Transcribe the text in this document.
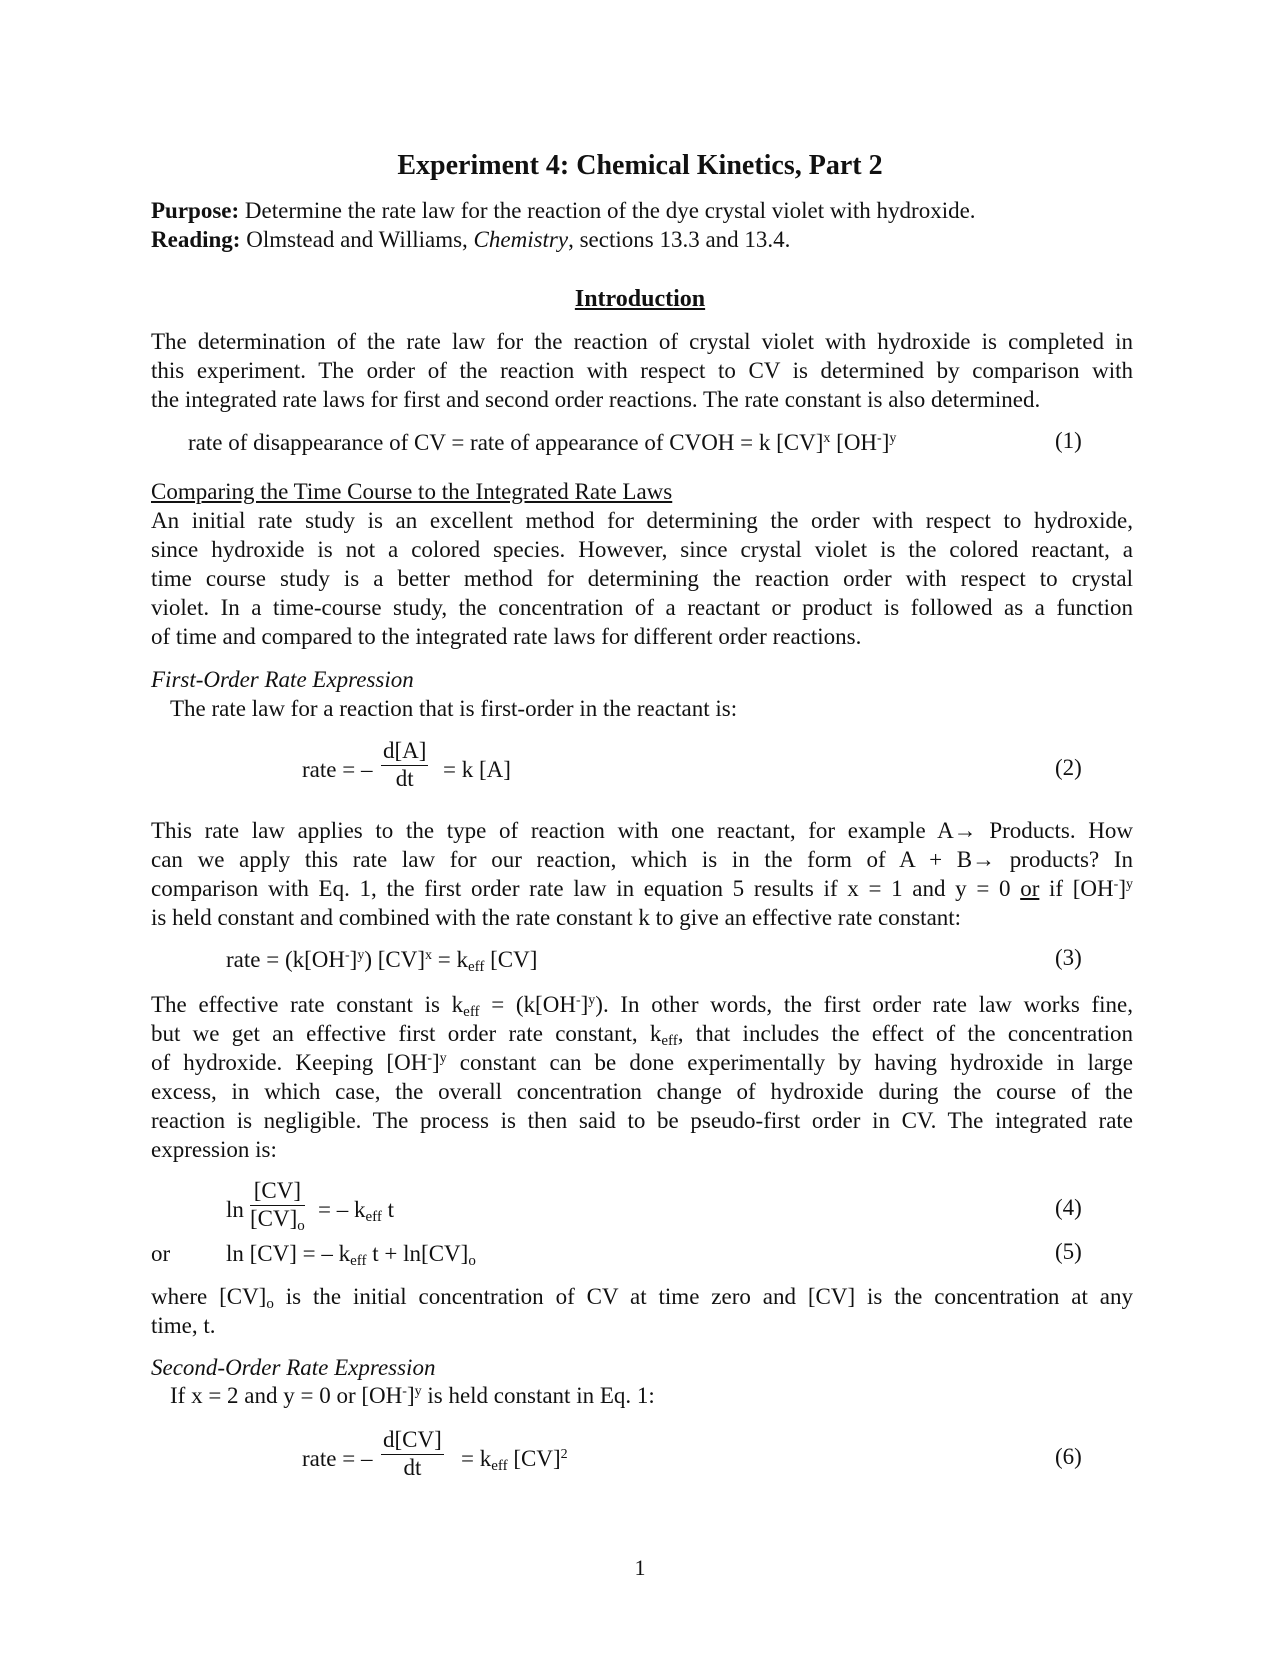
Experiment 4: Chemical Kinetics, Part 2
Purpose: Determine the rate law for the reaction of the dye crystal violet with hydroxide.
Reading: Olmstead and Williams, Chemistry, sections 13.3 and 13.4.
Introduction
The determination of the rate law for the reaction of crystal violet with hydroxide is completed in
this experiment. The order of the reaction with respect to CV is determined by comparison with
the integrated rate laws for first and second order reactions. The rate constant is also determined.
rate of disappearance of CV = rate of appearance of CVOH = k [CV]$^x$ $[OH^-]^y$	(1)
Comparing the Time Course to the Integrated Rate Laws
An initial rate study is an excellent method for determining the order with respect to hydroxide,
since hydroxide is not a colored species. However, since crystal violet is the colored reactant, a
time course study is a better method for determining the reaction order with respect to crystal
violet. In a time-course study, the concentration of a reactant or product is followed as a function
of time and compared to the integrated rate laws for different order reactions.
First-Order Rate Expression
The rate law for a reaction that is first-order in the reactant is:
rate = – $\frac{d[A]}{dt} = k$ [A]	(2)
This rate law applies to the type of reaction with one reactant, for example A→ Products. How
can we apply this rate law for our reaction, which is in the form of A + B→ products? In
comparison with Eq. 1, the first order rate law in equation 5 results if x = 1 and y = 0 or if $[OH^-]^y$
is held constant and combined with the rate constant k to give an effective rate constant:
rate = $(k[OH^-]^y) [CV]^x = k_{eff}$ [CV]	(3)
The effective rate constant is $k_{eff} = (k[OH^-]^y)$. In other words, the first order rate law works fine,
but we get an effective first order rate constant, $k_{eff}$, that includes the effect of the concentration
of hydroxide. Keeping $[OH^-]^y$ constant can be done experimentally by having hydroxide in large
excess, in which case, the overall concentration change of hydroxide during the course of the
reaction is negligible. The process is then said to be pseudo-first order in CV. The integrated rate
expression is:
$\ln \frac{[CV]}{[CV]_o}$ = – $k_{eff}$ t	(4)
or ln [CV] = – $k_{eff}$ $t + \ln[CV]_o$	(5)
where $[CV]_o$ is the initial concentration of CV at time zero and [CV] is the concentration at any
time, t.
Second-Order Rate Expression
If x = 2 and y = 0 or $[OH^-]^y$ is held constant in Eq. 1:
rate = – $\frac{d[CV]}{dt} = k_{eff}$ [CV]$^2$	(6)
1
